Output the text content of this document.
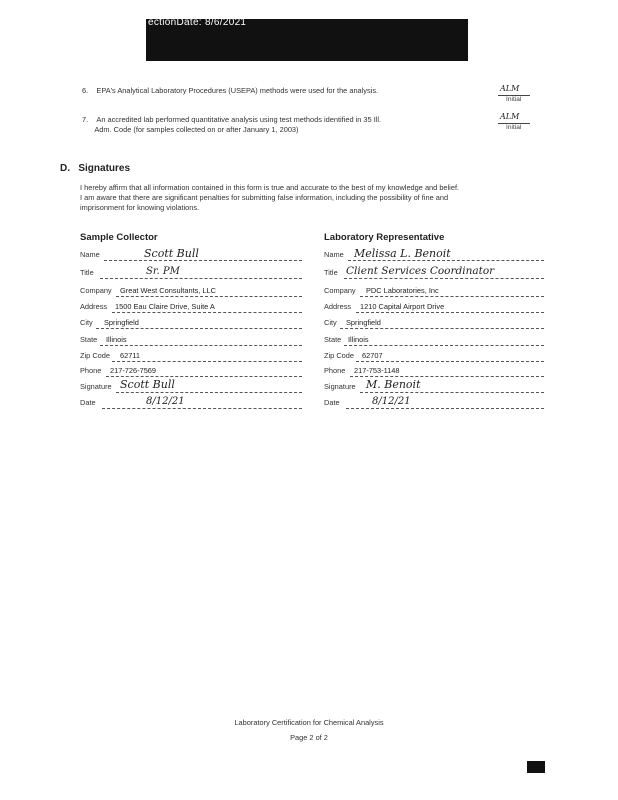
ectionDate: 8/6/2021
6. EPA's Analytical Laboratory Procedures (USEPA) methods were used for the analysis.	ALM
Initial
7. An accredited lab performed quantitative analysis using test methods identified in 35 Ill.
Adm. Code (for samples collected on or after January 1, 2003)
ALM
Initial
D. Signatures
I hereby affirm that all information contained in this form is true and accurate to the best of my knowledge and belief.
I am aware that there are significant penalties for submitting false information, including the possibility of fine and
imprisonment for knowing violations.
Sample Collector
Name	Scott Bull
Title	Sr. PM
Company Great West Consultants, LLC
Address 1500 Eau Claire Drive, Suite A
City Springfield
State Illinois
Zip Code 62711
Phone 217-726-7569
Signature Scott Bull
Date	8/12/21
Laboratory Representative
Name Melissa L. Benoit
Title Client Services Coordinator
Company PDC Laboratories, Inc
Address 1210 Capital Airport Drive
City Springfield
State Illinois
Zip Code 62707
Phone 217-753-1148
Signature M. Benoit
Date	8/12/21
Laboratory Certification for Chemical Analysis
Page 2 of 2
